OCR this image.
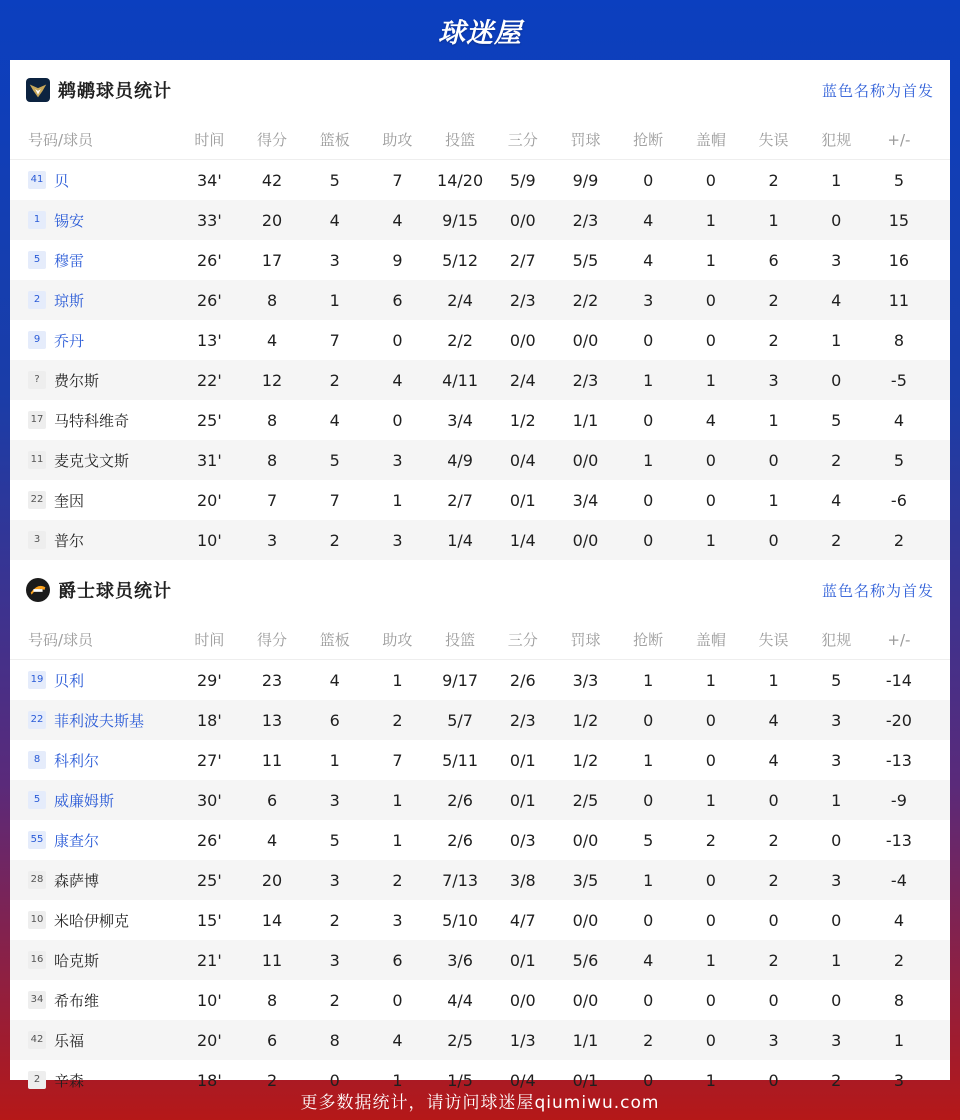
球迷屋
鹈鹕球员统计	蓝色名称为首发
号码/球员	时间	得分	篮板	助攻	投篮	三分	罚球	抢断	盖帽	失误	犯规	+/-
41 贝	34'	42	5	7	14/20	5/9	9/9	0	0	2	1	5
1 锡安	33'	20	4	4	9/15	0/0	2/3	4	1	1	0	15
5 穆雷	26'	17	3	9	5/12	2/7	5/5	4	1	6	3	16
2 琼斯	26'	8	1	6	2/4	2/3	2/2	3	0	2	4	11
9 乔丹	13'	4	7	0	2/2	0/0	0/0	0	0	2	1	8
? 费尔斯	22'	12	2	4	4/11	2/4	2/3	1	1	3	0	-5
17 马特科维奇	25'	8	4	0	3/4	1/2	1/1	0	4	1	5	4
11 麦克戈文斯	31'	8	5	3	4/9	0/4	0/0	1	0	0	2	5
22 奎因	20'	7	7	1	2/7	0/1	3/4	0	0	1	4	-6
3 普尔	10'	3	2	3	1/4	1/4	0/0	0	1	0	2	2
爵士球员统计	蓝色名称为首发
号码/球员	时间	得分	篮板	助攻	投篮	三分	罚球	抢断	盖帽	失误	犯规	+/-
19 贝利	29'	23	4	1	9/17	2/6	3/3	1	1	1	5	-14
22 菲利波夫斯基	18'	13	6	2	5/7	2/3	1/2	0	0	4	3	-20
8 科利尔	27'	11	1	7	5/11	0/1	1/2	1	0	4	3	-13
5 威廉姆斯	30'	6	3	1	2/6	0/1	2/5	0	1	0	1	-9
55 康查尔	26'	4	5	1	2/6	0/3	0/0	5	2	2	0	-13
28 森萨博	25'	20	3	2	7/13	3/8	3/5	1	0	2	3	-4
10 米哈伊柳克	15'	14	2	3	5/10	4/7	0/0	0	0	0	0	4
16 哈克斯	21'	11	3	6	3/6	0/1	5/6	4	1	2	1	2
34 希布维	10'	8	2	0	4/4	0/0	0/0	0	0	0	0	8
42 乐福	20'	6	8	4	2/5	1/3	1/1	2	0	3	3	1
2 辛森	18'	2	0	1	1/5	0/4	0/1	0	1	0	2	3
更多数据统计，请访问球迷屋qiumiwu.com
